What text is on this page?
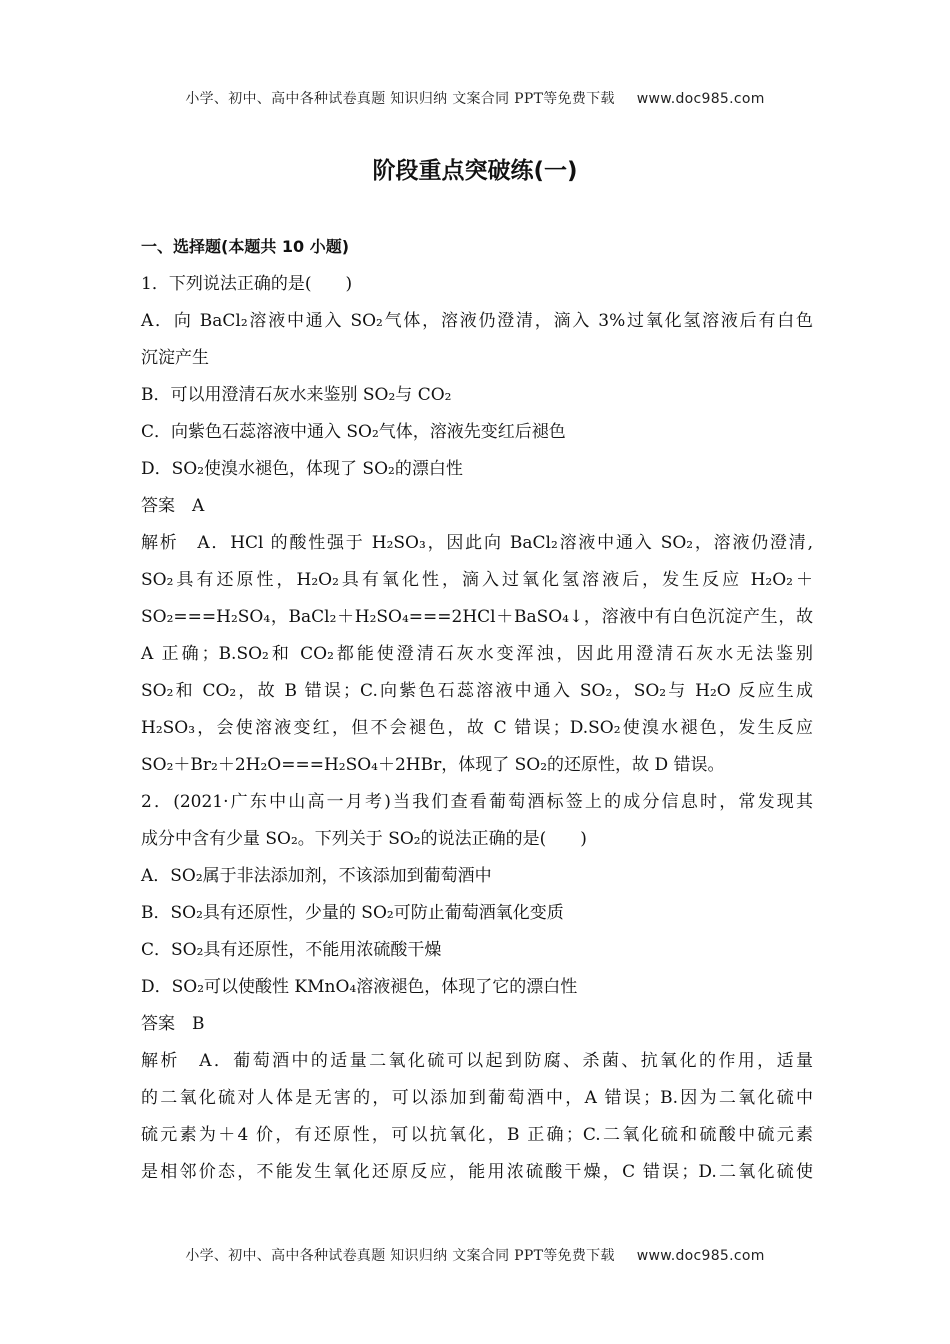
小学、初中、高中各种试卷真题 知识归纳 文案合同 PPT等免费下载 www.doc985.com
阶段重点突破练(一)
一、选择题(本题共 10 小题)
1．下列说法正确的是(　　)
A．向 BaCl₂溶液中通入 SO₂气体，溶液仍澄清，滴入 3%过氧化氢溶液后有白色
沉淀产生
B．可以用澄清石灰水来鉴别 SO₂与 CO₂
C．向紫色石蕊溶液中通入 SO₂气体，溶液先变红后褪色
D．SO₂使溴水褪色，体现了 SO₂的漂白性
答案　A
解析　A．HCl 的酸性强于 H₂SO₃，因此向 BaCl₂溶液中通入 SO₂，溶液仍澄清,
SO₂具有还原性，H₂O₂具有氧化性，滴入过氧化氢溶液后，发生反应 H₂O₂＋
SO₂===H₂SO₄，BaCl₂＋H₂SO₄===2HCl＋BaSO₄↓，溶液中有白色沉淀产生，故
A 正确；B.SO₂和 CO₂都能使澄清石灰水变浑浊，因此用澄清石灰水无法鉴别
SO₂和 CO₂，故 B 错误；C.向紫色石蕊溶液中通入 SO₂，SO₂与 H₂O 反应生成
H₂SO₃，会使溶液变红，但不会褪色，故 C 错误；D.SO₂使溴水褪色，发生反应
SO₂＋Br₂＋2H₂O===H₂SO₄＋2HBr，体现了 SO₂的还原性，故 D 错误。
2．(2021·广东中山高一月考)当我们查看葡萄酒标签上的成分信息时，常发现其
成分中含有少量 SO₂。下列关于 SO₂的说法正确的是(　　)
A．SO₂属于非法添加剂，不该添加到葡萄酒中
B．SO₂具有还原性，少量的 SO₂可防止葡萄酒氧化变质
C．SO₂具有还原性，不能用浓硫酸干燥
D．SO₂可以使酸性 KMnO₄溶液褪色，体现了它的漂白性
答案　B
解析　A．葡萄酒中的适量二氧化硫可以起到防腐、杀菌、抗氧化的作用，适量
的二氧化硫对人体是无害的，可以添加到葡萄酒中，A 错误；B.因为二氧化硫中
硫元素为＋4 价，有还原性，可以抗氧化，B 正确；C.二氧化硫和硫酸中硫元素
是相邻价态，不能发生氧化还原反应，能用浓硫酸干燥，C 错误；D.二氧化硫使
小学、初中、高中各种试卷真题 知识归纳 文案合同 PPT等免费下载 www.doc985.com
